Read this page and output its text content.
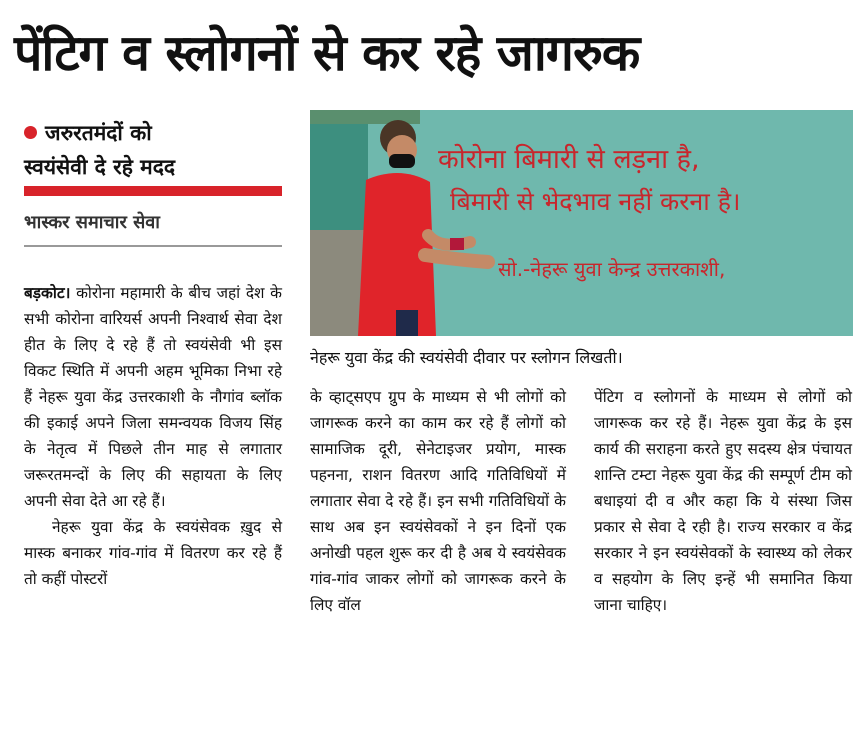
पेंटिग व स्लोगनों से कर रहे जागरुक
जरुरतमंदों को
स्वयंसेवी दे रहे मदद
भास्कर समाचार सेवा

बड़कोट। कोरोना महामारी के बीच जहां देश के सभी कोरोना वारियर्स अपनी निश्वार्थ सेवा देश हीत के लिए दे रहे हैं तो स्वयंसेवी भी इस विकट स्थिति में अपनी अहम भूमिका निभा रहे हैं नेहरू युवा केंद्र उत्तरकाशी के नौगांव ब्लॉक की इकाई अपने जिला समन्वयक विजय सिंह के नेतृत्व में पिछले तीन माह से लगातार जरूरतमन्दों के लिए की सहायता के लिए अपनी सेवा देते आ रहे हैं।

नेहरू युवा केंद्र के स्वयंसेवक ख़ुद से मास्क बनाकर गांव-गांव में वितरण कर रहे हैं तो कहीं पोस्टरों

कोरोना बिमारी से लड़ना है,
बिमारी से भेदभाव नहीं करना है।
सो.-नेहरू युवा केन्द्र उत्तरकाशी,
नेहरू युवा केंद्र की स्वयंसेवी दीवार पर स्लोगन लिखती।

के व्हाट्सएप ग्रुप के माध्यम से भी लोगों को जागरूक करने का काम कर रहे हैं लोगों को सामाजिक दूरी, सेनेटाइजर प्रयोग, मास्क पहनना, राशन वितरण आदि गतिविधियों में लगातार सेवा दे रहे हैं। इन सभी गतिविधियों के साथ अब इन स्वयंसेवकों ने इन दिनों एक अनोखी पहल शुरू कर दी है अब ये स्वयंसेवक गांव-गांव जाकर लोगों को जागरूक करने के लिए वॉल

पेंटिग व स्लोगनों के माध्यम से लोगों को जागरूक कर रहे हैं। नेहरू युवा केंद्र के इस कार्य की सराहना करते हुए सदस्य क्षेत्र पंचायत शान्ति टम्टा नेहरू युवा केंद्र की सम्पूर्ण टीम को बधाइयां दी व और कहा कि ये संस्था जिस प्रकार से सेवा दे रही है। राज्य सरकार व केंद्र सरकार ने इन स्वयंसेवकों के स्वास्थ्य को लेकर व सहयोग के लिए इन्हें भी समानित किया जाना चाहिए।
